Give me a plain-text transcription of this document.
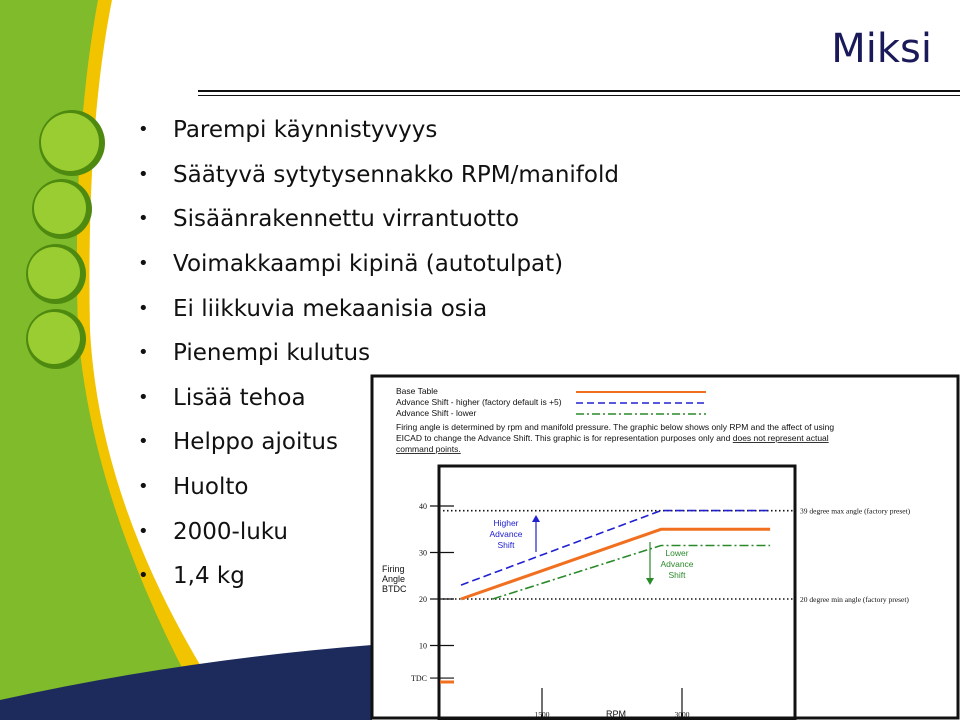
Miksi
•	Parempi käynnistyvyys
•	Säätyvä sytytysennakko RPM/manifold
•	Sisäänrakennettu virrantuotto
•	Voimakkaampi kipinä (autotulpat)
•	Ei liikkuvia mekaanisia osia
•	Pienempi kulutus
•	Lisää tehoa
•	Helppo ajoitus
•	Huolto
•	2000-luku
•	1,4 kg
Base Table
Advance Shift - higher (factory default is +5)
Advance Shift - lower
Firing angle is determined by rpm and manifold pressure. The graphic below shows only RPM and the affect of using
EICAD to change the Advance Shift. This graphic is for representation purposes only and does not represent actual
command points.
Firing
Angle
BTDC
40
30
20
10
TDC
1500	3000
39 degree max angle (factory preset)
20 degree min angle (factory preset)
RPM
Higher
Advance
Shift
Lower
Advance
Shift
